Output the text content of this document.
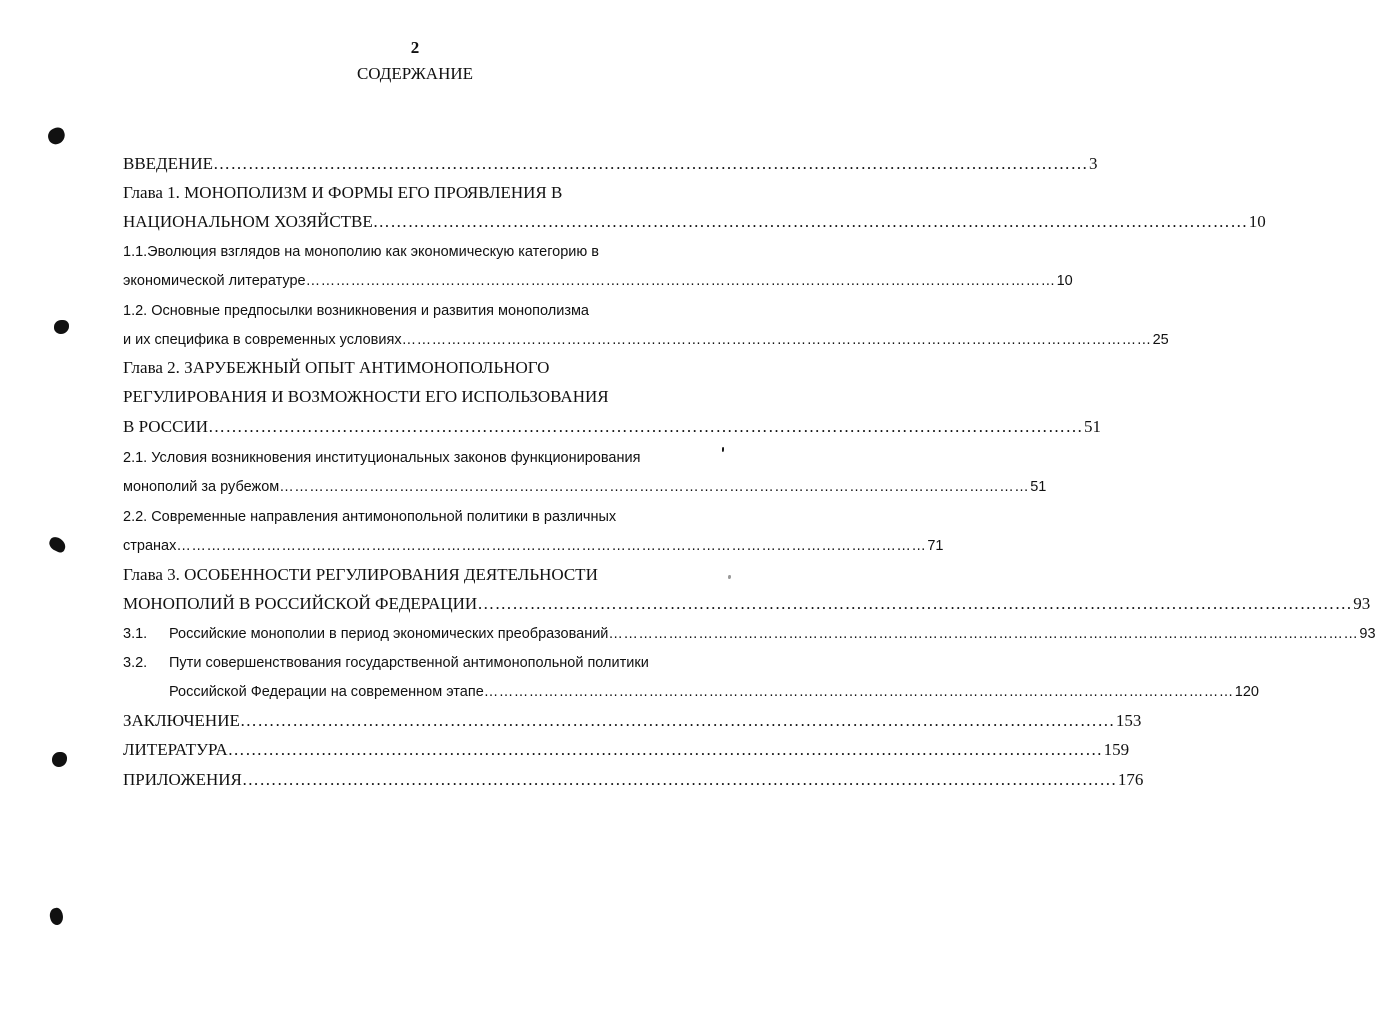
2
СОДЕРЖАНИЕ
ВВЕДЕНИЕ …………………………………………………………………………………………………………………………………… 3
Глава 1. МОНОПОЛИЗМ И ФОРМЫ ЕГО ПРОЯВЛЕНИЯ В
НАЦИОНАЛЬНОМ ХОЗЯЙСТВЕ …………………………………………………………………………………………………………………………………… 10
1.1.Эволюция взглядов на монополию как экономическую категорию в
экономической литературе …………………………………………………………………………………………………………………………………… 10
1.2. Основные предпосылки возникновения и развития монополизма
и их специфика в современных условиях …………………………………………………………………………………………………………………………………… 25
Глава 2. ЗАРУБЕЖНЫЙ ОПЫТ АНТИМОНОПОЛЬНОГО
РЕГУЛИРОВАНИЯ И ВОЗМОЖНОСТИ ЕГО ИСПОЛЬЗОВАНИЯ
В РОССИИ …………………………………………………………………………………………………………………………………… 51
2.1. Условия возникновения институциональных законов функционирования
монополий за рубежом …………………………………………………………………………………………………………………………………… 51
2.2. Современные направления антимонопольной политики в различных
странах …………………………………………………………………………………………………………………………………… 71
Глава 3. ОСОБЕННОСТИ РЕГУЛИРОВАНИЯ ДЕЯТЕЛЬНОСТИ
МОНОПОЛИЙ В РОССИЙСКОЙ ФЕДЕРАЦИИ …………………………………………………………………………………………………………………………………… 93
3.1.	Российские монополии в период экономических преобразований …………………………………………………………………………………………………………………………………… 93
3.2.	Пути совершенствования государственной антимонопольной политики
Российской Федерации на современном этапе …………………………………………………………………………………………………………………………………… 120
ЗАКЛЮЧЕНИЕ …………………………………………………………………………………………………………………………………… 153
ЛИТЕРАТУРА …………………………………………………………………………………………………………………………………… 159
ПРИЛОЖЕНИЯ …………………………………………………………………………………………………………………………………… 176
